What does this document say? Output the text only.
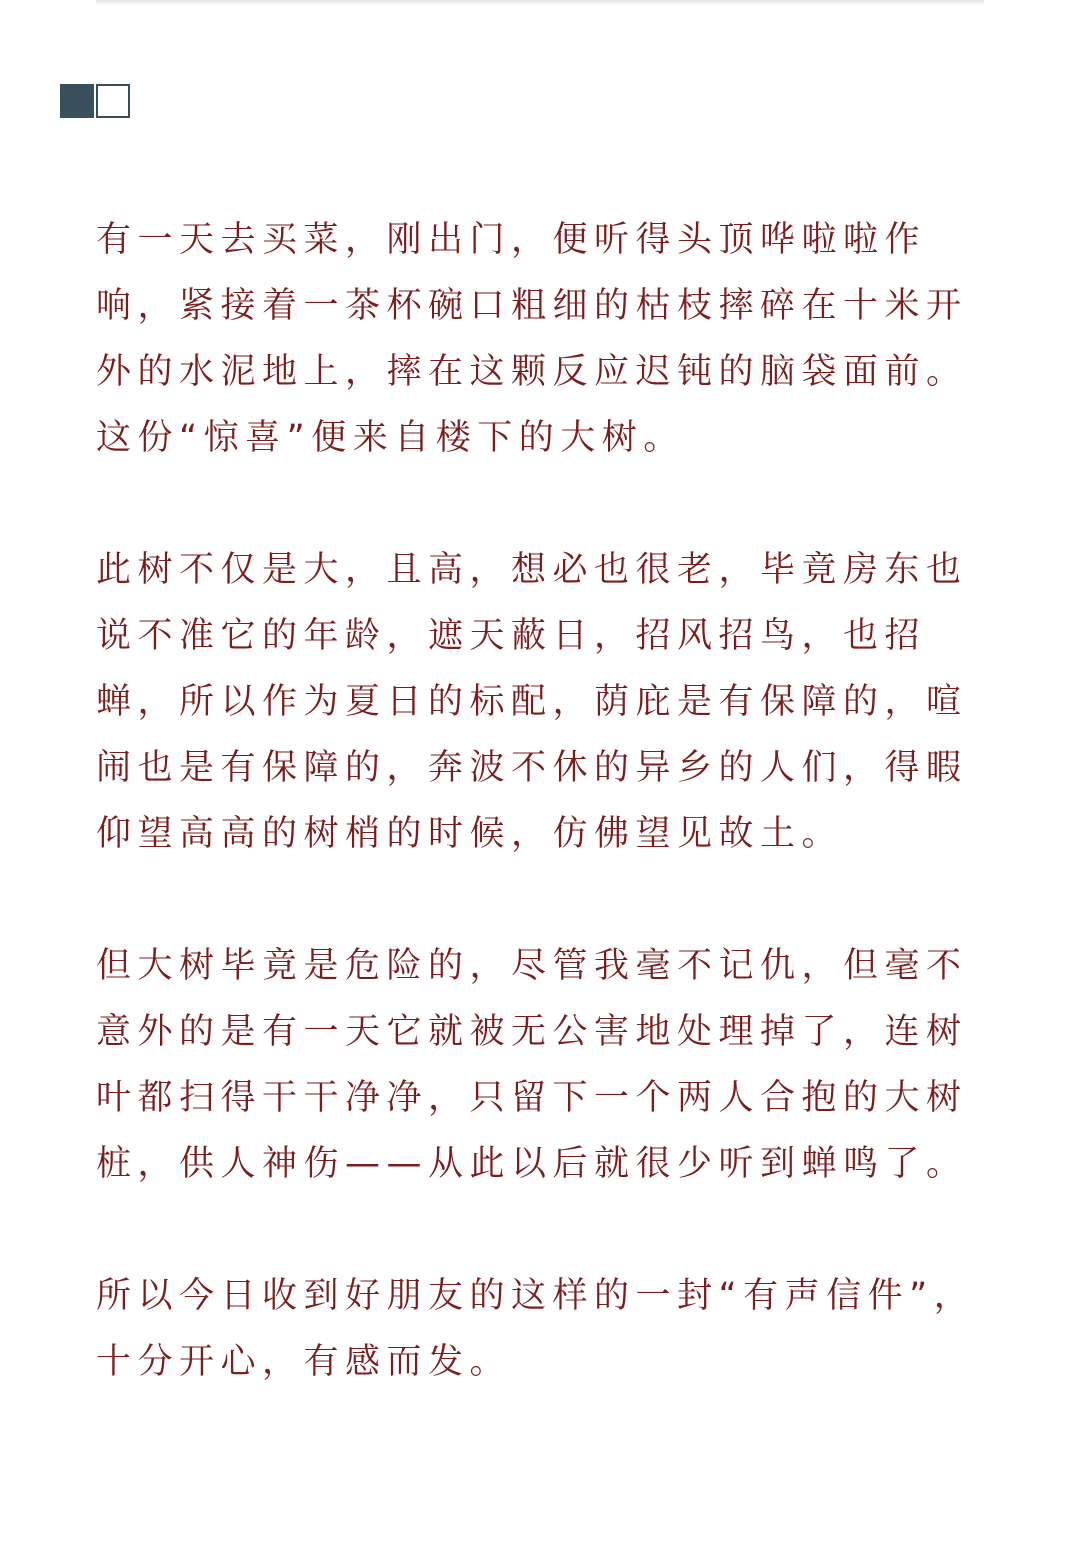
有一天去买菜，刚出门，便听得头顶哗啦啦作
响，紧接着一茶杯碗口粗细的枯枝摔碎在十米开
外的水泥地上，摔在这颗反应迟钝的脑袋面前。
这份“惊喜”便来自楼下的大树。

此树不仅是大，且高，想必也很老，毕竟房东也
说不准它的年龄，遮天蔽日，招风招鸟，也招
蝉，所以作为夏日的标配，荫庇是有保障的，喧
闹也是有保障的，奔波不休的异乡的人们，得暇
仰望高高的树梢的时候，仿佛望见故土。

但大树毕竟是危险的，尽管我毫不记仇，但毫不
意外的是有一天它就被无公害地处理掉了，连树
叶都扫得干干净净，只留下一个两人合抱的大树
桩，供人神伤——从此以后就很少听到蝉鸣了。

所以今日收到好朋友的这样的一封“有声信件”，
十分开心，有感而发。
